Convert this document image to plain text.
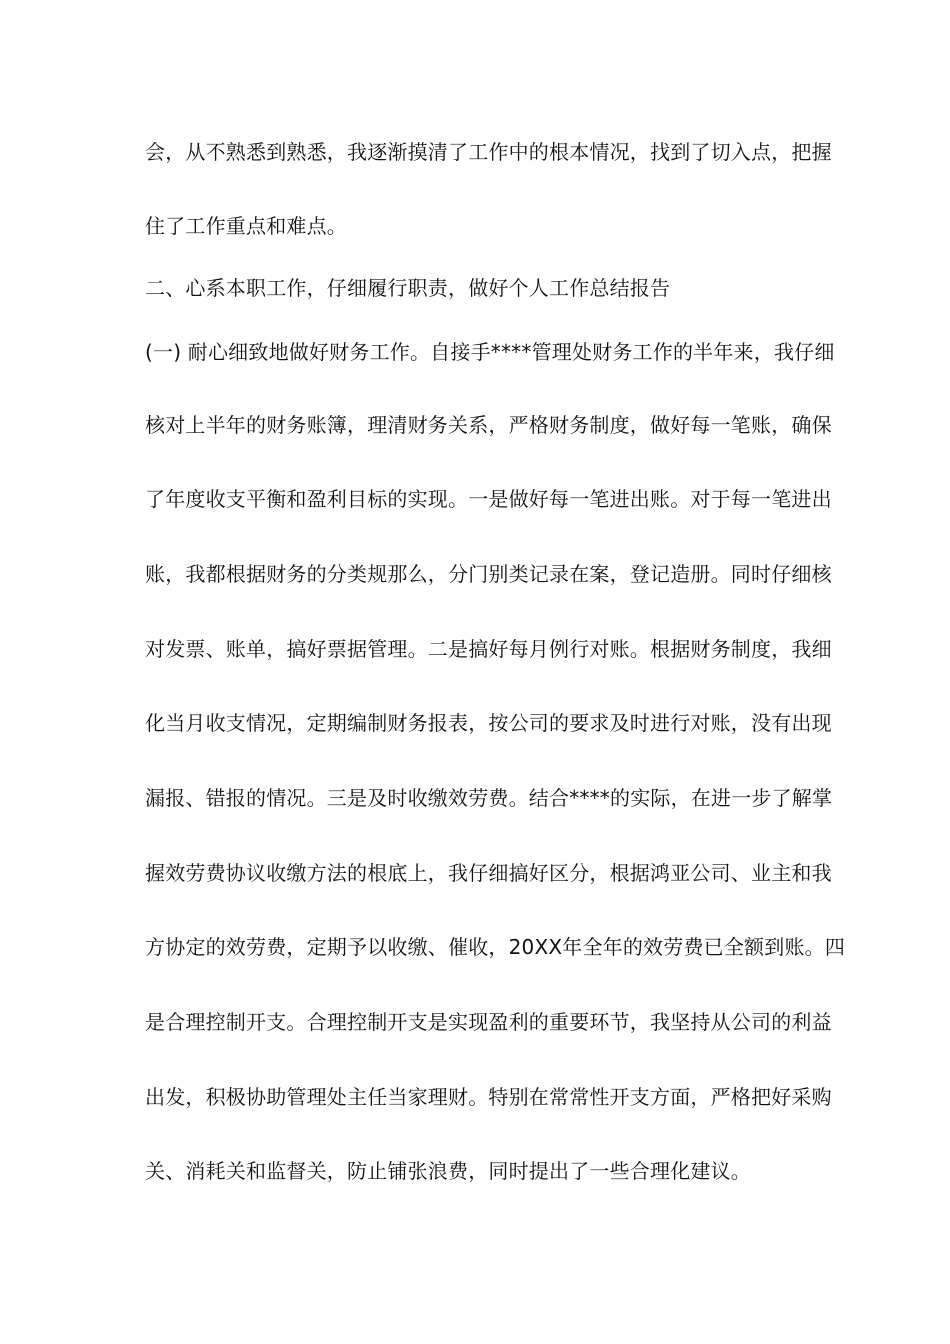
会，从不熟悉到熟悉，我逐渐摸清了工作中的根本情况，找到了切入点，把握
住了工作重点和难点。
二、心系本职工作，仔细履行职责，做好个人工作总结报告
(一) 耐心细致地做好财务工作。自接手****管理处财务工作的半年来，我仔细
核对上半年的财务账簿，理清财务关系，严格财务制度，做好每一笔账，确保
了年度收支平衡和盈利目标的实现。一是做好每一笔进出账。对于每一笔进出
账，我都根据财务的分类规那么，分门别类记录在案，登记造册。同时仔细核
对发票、账单，搞好票据管理。二是搞好每月例行对账。根据财务制度，我细
化当月收支情况，定期编制财务报表，按公司的要求及时进行对账，没有出现
漏报、错报的情况。三是及时收缴效劳费。结合****的实际，在进一步了解掌
握效劳费协议收缴方法的根底上，我仔细搞好区分，根据鸿亚公司、业主和我
方协定的效劳费，定期予以收缴、催收，20XX年全年的效劳费已全额到账。四
是合理控制开支。合理控制开支是实现盈利的重要环节，我坚持从公司的利益
出发，积极协助管理处主任当家理财。特别在常常性开支方面，严格把好采购
关、消耗关和监督关，防止铺张浪费，同时提出了一些合理化建议。
